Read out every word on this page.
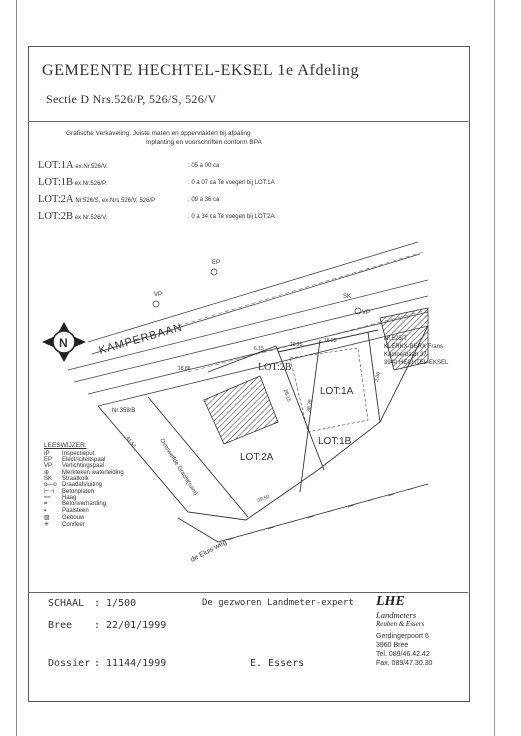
GEMEENTE HECHTEL-EKSEL 1e Afdeling
Sectie D Nrs.526/P, 526/S, 526/V
Grafische Verkaveling: Juiste maten en oppervlakten bij afpaling
Inplanting en voorschriften conform BPA
LOT:1A ex.Nr.526/V.	: 05 a 00 ca
LOT:1B ex.Nr.526/P.	: 0 a 07 ca Te voegen bij LOT:1A
LOT:2A Nr.526/S, ex.Nrs.526/V, 526/P	: 09 a 36 ca
LOT:2B ex.Nr.526/V.	: 0 a 34 ca Te voegen bij LOT:2A
N	KAMPERBAAN
VP
EP
SK
VP
LOT:2B
LOT:1A
LOT:2A
LOT:1B
Nr.358/B
Nr.525/T
KLERKX-BERX Frans
Kamperbaan 37
3940 HECHTEL-EKSEL
Overwelfde Gracht(ruim)
de Eluis weg
18.86
6.15
10.25
16.23
28.15
38.78
41.52
39.50
2.00
LEESWIJZER:
IP Inspectieput
EP Electriciteitspaal
VP Verlichtingspaal
⊕ Merkteken waterleiding
SK Straatkolk
o—o Draadafsluiting
⊢⊣ Betonplaten
≈≈ Haag
⌗ Betonverharding
▪	Paalsteen
▨ Gebouw
✳ Conifeer
SCHAAL : 1/500
Bree : 22/01/1999
Dossier : 11144/1999
De gezworen Landmeter-expert
E. Essers
LHE
Landmeters
Reuben & Essers
Gerdingerpoort 6
3960 Bree
Tel. 089/46.42.42
Fax. 089/47.30.30
